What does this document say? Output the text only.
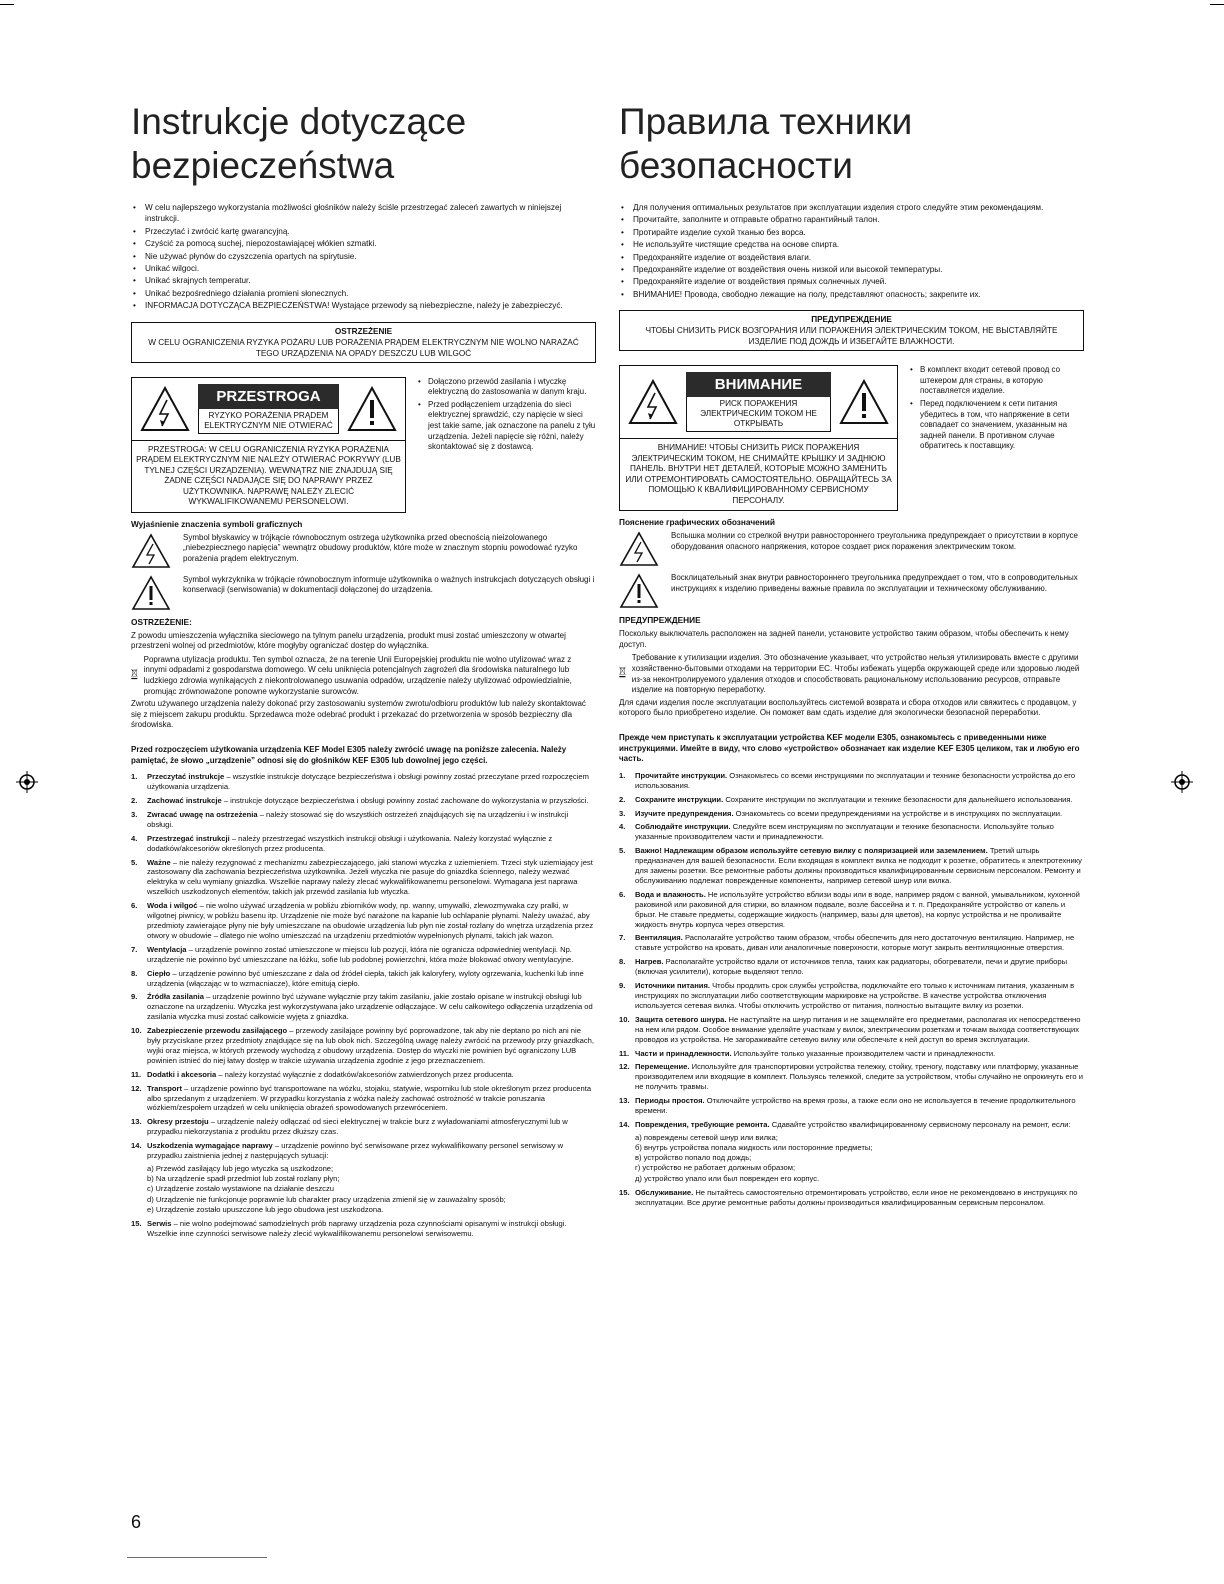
Instrukcje dotyczące
bezpieczeństwa
• W celu najlepszego wykorzystania możliwości głośników należy ściśle przestrzegać zaleceń zawartych w niniejszej instrukcji.
• Przeczytać i zwrócić kartę gwarancyjną.
• Czyścić za pomocą suchej, niepozostawiającej włókien szmatki.
• Nie używać płynów do czyszczenia opartych na spirytusie.
• Unikać wilgoci.
• Unikać skrajnych temperatur.
• Unikać bezpośredniego działania promieni słonecznych.
• INFORMACJA DOTYCZĄCA BEZPIECZEŃSTWA! Wystające przewody są niebezpieczne, należy je zabezpieczyć.
OSTRZEŻENIE
W CELU OGRANICZENIA RYZYKA POŻARU LUB PORAŻENIA PRĄDEM ELEKTRYCZNYM NIE WOLNO NARAŻAĆ TEGO URZĄDZENIA NA OPADY DESZCZU LUB WILGOĆ
PRZESTROGA
RYZYKO PORAŻENIA PRĄDEM ELEKTRYCZNYM NIE OTWIERAĆ
PRZESTROGA: W CELU OGRANICZENIA RYZYKA PORAŻENIA PRĄDEM ELEKTRYCZNYM NIE NALEŻY OTWIERAĆ POKRYWY (LUB TYLNEJ CZĘŚCI URZĄDZENIA). WEWNĄTRZ NIE ZNAJDUJĄ SIĘ ŻADNE CZĘŚCI NADAJĄCE SIĘ DO NAPRAWY PRZEZ UŻYTKOWNIKA. NAPRAWĘ NALEŻY ZLECIĆ WYKWALIFIKOWANEMU PERSONELOWI.
• Dołączono przewód zasilania i wtyczkę elektryczną do zastosowania w danym kraju.
• Przed podłączeniem urządzenia do sieci elektrycznej sprawdzić, czy napięcie w sieci jest takie same, jak oznaczone na panelu z tyłu urządzenia. Jeżeli napięcie się różni, należy skontaktować się z dostawcą.
Wyjaśnienie znaczenia symboli graficznych

Symbol błyskawicy w trójkącie równobocznym ostrzega użytkownika przed obecnością nieizolowanego „niebezpiecznego napięcia” wewnątrz obudowy produktów, które może w znacznym stopniu powodować ryzyko porażenia prądem elektrycznym.

Symbol wykrzyknika w trójkącie równobocznym informuje użytkownika o ważnych instrukcjach dotyczących obsługi i konserwacji (serwisowania) w dokumentacji dołączonej do urządzenia.

OSTRZEŻENIE:

Z powodu umieszczenia wyłącznika sieciowego na tylnym panelu urządzenia, produkt musi zostać umieszczony w otwartej przestrzeni wolnej od przedmiotów, które mogłyby ograniczać dostęp do wyłącznika.

Poprawna utylizacja produktu. Ten symbol oznacza, że na terenie Unii Europejskiej produktu nie wolno utylizować wraz z innymi odpadami z gospodarstwa domowego. W celu uniknięcia potencjalnych zagrożeń dla środowiska naturalnego lub ludzkiego zdrowia wynikających z niekontrolowanego usuwania odpadów, urządzenie należy utylizować odpowiedzialnie, promując zrównoważone ponowne wykorzystanie surowców.

Zwrotu używanego urządzenia należy dokonać przy zastosowaniu systemów zwrotu/odbioru produktów lub należy skontaktować się z miejscem zakupu produktu. Sprzedawca może odebrać produkt i przekazać do przetworzenia w sposób bezpieczny dla środowiska.

Przed rozpoczęciem użytkowania urządzenia KEF Model E305 należy zwrócić uwagę na poniższe zalecenia. Należy pamiętać, że słowo „urządzenie” odnosi się do głośników KEF E305 lub dowolnej jego części.
1. Przeczytać instrukcje – wszystkie instrukcje dotyczące bezpieczeństwa i obsługi powinny zostać przeczytane przed rozpoczęciem użytkowania urządzenia.
2. Zachować instrukcje – instrukcje dotyczące bezpieczeństwa i obsługi powinny zostać zachowane do wykorzystania w przyszłości.
3. Zwracać uwagę na ostrzeżenia – należy stosować się do wszystkich ostrzeżeń znajdujących się na urządzeniu i w instrukcji obsługi.
4. Przestrzegać instrukcji – należy przestrzegać wszystkich instrukcji obsługi i użytkowania. Należy korzystać wyłącznie z dodatków/akcesoriów określonych przez producenta.
5. Ważne – nie należy rezygnować z mechanizmu zabezpieczającego, jaki stanowi wtyczka z uziemieniem. Trzeci styk uziemiający jest zastosowany dla zachowania bezpieczeństwa użytkownika. Jeżeli wtyczka nie pasuje do gniazdka ściennego, należy wezwać elektryka w celu wymiany gniazdka. Wszelkie naprawy należy zlecać wykwalifikowanemu personelowi. Wymagana jest naprawa wszelkich uszkodzonych elementów, takich jak przewód zasilania lub wtyczka.
6. Woda i wilgoć – nie wolno używać urządzenia w pobliżu zbiorników wody, np. wanny, umywalki, zlewozmywaka czy pralki, w wilgotnej piwnicy, w pobliżu basenu itp. Urządzenie nie może być narażone na kapanie lub ochlapanie płynami. Należy uważać, aby przedmioty zawierające płyny nie były umieszczane na obudowie urządzenia lub płyn nie został rozlany do wnętrza urządzenia przez otwory w obudowie – dlatego nie wolno umieszczać na urządzeniu przedmiotów wypełnionych płynami, takich jak wazon.
7. Wentylacja – urządzenie powinno zostać umieszczone w miejscu lub pozycji, która nie ogranicza odpowiedniej wentylacji. Np. urządzenie nie powinno być umieszczane na łóżku, sofie lub podobnej powierzchni, która może blokować otwory wentylacyjne.
8. Ciepło – urządzenie powinno być umieszczane z dala od źródeł ciepła, takich jak kaloryfery, wyloty ogrzewania, kuchenki lub inne urządzenia (włączając w to wzmacniacze), które emitują ciepło.
9. Źródła zasilania – urządzenie powinno być używane wyłącznie przy takim zasilaniu, jakie zostało opisane w instrukcji obsługi lub oznaczone na urządzeniu. Wtyczka jest wykorzystywana jako urządzenie odłączające. W celu całkowitego odłączenia urządzenia od zasilania wtyczka musi zostać całkowicie wyjęta z gniazdka.
10. Zabezpieczenie przewodu zasilającego – przewody zasilające powinny być poprowadzone, tak aby nie deptano po nich ani nie były przyciskane przez przedmioty znajdujące się na lub obok nich. Szczególną uwagę należy zwrócić na przewody przy gniazdkach, wyjki oraz miejsca, w których przewody wychodzą z obudowy urządzenia. Dostęp do wtyczki nie powinien być ograniczony LUB powinien istnieć do niej łatwy dostęp w trakcie używania urządzenia zgodnie z jego przeznaczeniem.
11. Dodatki i akcesoria – należy korzystać wyłącznie z dodatków/akcesoriów zatwierdzonych przez producenta.
12. Transport – urządzenie powinno być transportowane na wózku, stojaku, statywie, wsporniku lub stole określonym przez producenta albo sprzedanym z urządzeniem. W przypadku korzystania z wózka należy zachować ostrożność w trakcie poruszania wózkiem/zespołem urządzeń w celu uniknięcia obrażeń spowodowanych przewróceniem.
13. Okresy przestoju – urządzenie należy odłączać od sieci elektrycznej w trakcie burz z wyładowaniami atmosferycznymi lub w przypadku niekorzystania z produktu przez dłuższy czas.
14. Uszkodzenia wymagające naprawy – urządzenie powinno być serwisowane przez wykwalifikowany personel serwisowy w przypadku zaistnienia jednej z następujących sytuacji:
a) Przewód zasilający lub jego wtyczka są uszkodzone;
b) Na urządzenie spadł przedmiot lub został rozlany płyn;
c) Urządzenie zostało wystawione na działanie deszczu
d) Urządzenie nie funkcjonuje poprawnie lub charakter pracy urządzenia zmienił się w zauważalny sposób;
e) Urządzenie zostało upuszczone lub jego obudowa jest uszkodzona.
15. Serwis – nie wolno podejmować samodzielnych prób naprawy urządzenia poza czynnościami opisanymi w instrukcji obsługi. Wszelkie inne czynności serwisowe należy zlecić wykwalifikowanemu personelowi serwisowemu.
Правила техники
безопасности
• Для получения оптимальных результатов при эксплуатации изделия строго следуйте этим рекомендациям.
• Прочитайте, заполните и отправьте обратно гарантийный талон.
• Протирайте изделие сухой тканью без ворса.
• Не используйте чистящие средства на основе спирта.
• Предохраняйте изделие от воздействия влаги.
• Предохраняйте изделие от воздействия очень низкой или высокой температуры.
• Предохраняйте изделие от воздействия прямых солнечных лучей.
• ВНИМАНИЕ! Провода, свободно лежащие на полу, представляют опасность; закрепите их.
ПРЕДУПРЕЖДЕНИЕ
ЧТОБЫ СНИЗИТЬ РИСК ВОЗГОРАНИЯ ИЛИ ПОРАЖЕНИЯ ЭЛЕКТРИЧЕСКИМ ТОКОМ, НЕ ВЫСТАВЛЯЙТЕ ИЗДЕЛИЕ ПОД ДОЖДЬ И ИЗБЕГАЙТЕ ВЛАЖНОСТИ.
ВНИМАНИЕ
РИСК ПОРАЖЕНИЯ ЭЛЕКТРИЧЕСКИМ ТОКОМ НЕ ОТКРЫВАТЬ
ВНИМАНИЕ! ЧТОБЫ СНИЗИТЬ РИСК ПОРАЖЕНИЯ ЭЛЕКТРИЧЕСКИМ ТОКОМ, НЕ СНИМАЙТЕ КРЫШКУ И ЗАДНЮЮ ПАНЕЛЬ. ВНУТРИ НЕТ ДЕТАЛЕЙ, КОТОРЫЕ МОЖНО ЗАМЕНИТЬ ИЛИ ОТРЕМОНТИРОВАТЬ САМОСТОЯТЕЛЬНО. ОБРАЩАЙТЕСЬ ЗА ПОМОЩЬЮ К КВАЛИФИЦИРОВАННОМУ СЕРВИСНОМУ ПЕРСОНАЛУ.
• В комплект входит сетевой провод со штекером для страны, в которую поставляется изделие.
• Перед подключением к сети питания убедитесь в том, что напряжение в сети совпадает со значением, указанным на задней панели. В противном случае обратитесь к поставщику.
Пояснение графических обозначений

Вспышка молнии со стрелкой внутри равностороннего треугольника предупреждает о присутствии в корпусе оборудования опасного напряжения, которое создает риск поражения электрическим током.

Восклицательный знак внутри равностороннего треугольника предупреждает о том, что в сопроводительных инструкциях к изделию приведены важные правила по эксплуатации и техническому обслуживанию.

ПРЕДУПРЕЖДЕНИЕ

Поскольку выключатель расположен на задней панели, установите устройство таким образом, чтобы обеспечить к нему доступ.

Требование к утилизации изделия. Это обозначение указывает, что устройство нельзя утилизировать вместе с другими хозяйственно-бытовыми отходами на территории ЕС. Чтобы избежать ущерба окружающей среде или здоровью людей из-за неконтролируемого удаления отходов и способствовать рациональному использованию ресурсов, отправьте изделие на повторную переработку.

Для сдачи изделия после эксплуатации воспользуйтесь системой возврата и сбора отходов или свяжитесь с продавцом, у которого было приобретено изделие. Он поможет вам сдать изделие для экологически безопасной переработки.

Прежде чем приступать к эксплуатации устройства KEF модели E305, ознакомьтесь с приведенными ниже инструкциями. Имейте в виду, что слово «устройство» обозначает как изделие KEF E305 целиком, так и любую его часть.
1. Прочитайте инструкции. Ознакомьтесь со всеми инструкциями по эксплуатации и технике безопасности устройства до его использования.
2. Сохраните инструкции. Сохраните инструкции по эксплуатации и технике безопасности для дальнейшего использования.
3. Изучите предупреждения. Ознакомьтесь со всеми предупреждениями на устройстве и в инструкциях по эксплуатации.
4. Соблюдайте инструкции. Следуйте всем инструкциям по эксплуатации и технике безопасности. Используйте только указанные производителем части и принадлежности.
5. Важно! Надлежащим образом используйте сетевую вилку с поляризацией или заземлением. Третий штырь предназначен для вашей безопасности. Если входящая в комплект вилка не подходит к розетке, обратитесь к электротехнику для замены розетки. Все ремонтные работы должны производиться квалифицированным сервисным персоналом. Ремонту и обслуживанию подлежат поврежденные компоненты, например сетевой шнур или вилка.
6. Вода и влажность. Не используйте устройство вблизи воды или в воде, например рядом с ванной, умывальником, кухонной раковиной или раковиной для стирки, во влажном подвале, возле бассейна и т. п. Предохраняйте устройство от капель и брызг. Не ставьте предметы, содержащие жидкость (например, вазы для цветов), на корпус устройства и не проливайте жидкость внутрь корпуса через отверстия.
7. Вентиляция. Располагайте устройство таким образом, чтобы обеспечить для него достаточную вентиляцию. Например, не ставьте устройство на кровать, диван или аналогичные поверхности, которые могут закрыть вентиляционные отверстия.
8. Нагрев. Располагайте устройство вдали от источников тепла, таких как радиаторы, обогреватели, печи и другие приборы (включая усилители), которые выделяют тепло.
9. Источники питания. Чтобы продлить срок службы устройства, подключайте его только к источникам питания, указанным в инструкциях по эксплуатации либо соответствующим маркировке на устройстве. В качестве устройства отключения используется сетевая вилка. Чтобы отключить устройство от питания, полностью вытащите вилку из розетки.
10. Защита сетевого шнура. Не наступайте на шнур питания и не защемляйте его предметами, располагая их непосредственно на нем или рядом. Особое внимание уделяйте участкам у вилок, электрическим розеткам и точкам выхода соответствующих проводов из устройства. Не загораживайте сетевую вилку или обеспечьте к ней доступ во время эксплуатации.
11. Части и принадлежности. Используйте только указанные производителем части и принадлежности.
12. Перемещение. Используйте для транспортировки устройства тележку, стойку, треногу, подставку или платформу, указанные производителем или входящие в комплект. Пользуясь тележкой, следите за устройством, чтобы случайно не опрокинуть его и не получить травмы.
13. Периоды простоя. Отключайте устройство на время грозы, а также если оно не используется в течение продолжительного времени.
14. Повреждения, требующие ремонта. Сдавайте устройство квалифицированному сервисному персоналу на ремонт, если:
а) повреждены сетевой шнур или вилка;
б) внутрь устройства попала жидкость или посторонние предметы;
в) устройство попало под дождь;
г) устройство не работает должным образом;
д) устройство упало или был поврежден его корпус.
15. Обслуживание. Не пытайтесь самостоятельно отремонтировать устройство, если иное не рекомендовано в инструкциях по эксплуатации. Все другие ремонтные работы должны производиться квалифицированным сервисным персоналом.
6
